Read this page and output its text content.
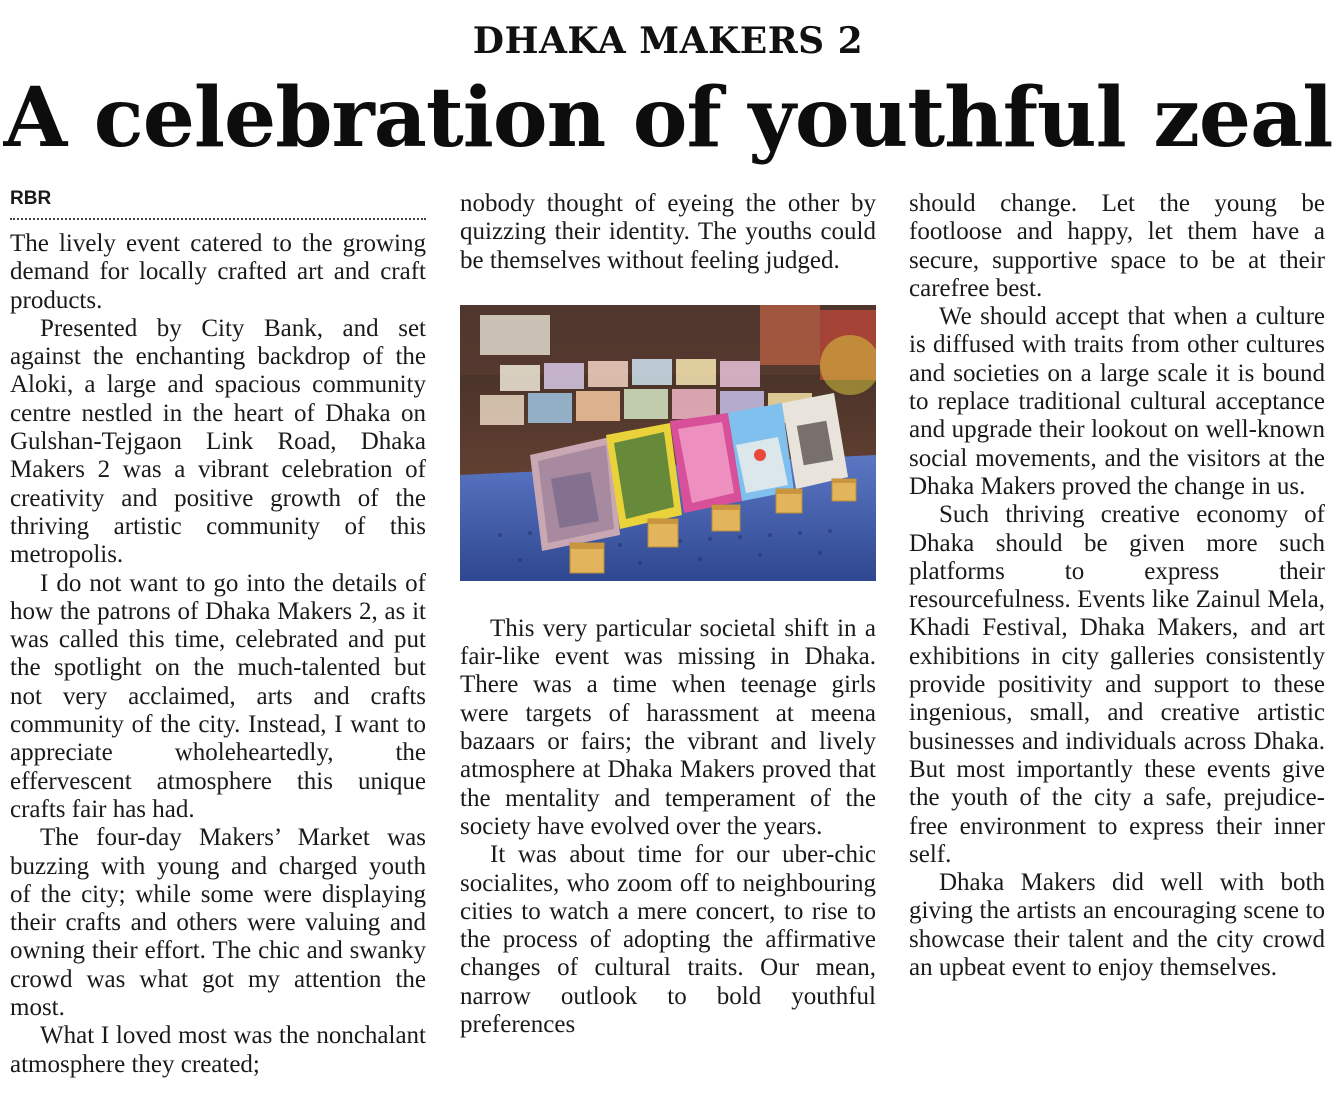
DHAKA MAKERS 2
A celebration of youthful zeal
RBR

The lively event catered to the growing demand for locally crafted art and craft products.

Presented by City Bank, and set against the enchanting backdrop of the Aloki, a large and spacious community centre nestled in the heart of Dhaka on Gulshan-Tejgaon Link Road, Dhaka Makers 2 was a vibrant celebration of creativity and positive growth of the thriving artistic community of this metropolis.

I do not want to go into the details of how the patrons of Dhaka Makers 2, as it was called this time, celebrated and put the spotlight on the much-talented but not very acclaimed, arts and crafts community of the city. Instead, I want to appreciate wholeheartedly, the effervescent atmosphere this unique crafts fair has had.

The four-day Makers’ Market was buzzing with young and charged youth of the city; while some were displaying their crafts and others were valuing and owning their effort. The chic and swanky crowd was what got my attention the most.

What I loved most was the nonchalant atmosphere they created;

nobody thought of eyeing the other by quizzing their identity. The youths could be themselves without feeling judged.

This very particular societal shift in a fair-like event was missing in Dhaka. There was a time when teenage girls were targets of harassment at meena bazaars or fairs; the vibrant and lively atmosphere at Dhaka Makers proved that the mentality and temperament of the society have evolved over the years.

It was about time for our uber-chic socialites, who zoom off to neighbouring cities to watch a mere concert, to rise to the process of adopting the affirmative changes of cultural traits. Our mean, narrow outlook to bold youthful preferences

should change. Let the young be footloose and happy, let them have a secure, supportive space to be at their carefree best.

We should accept that when a culture is diffused with traits from other cultures and societies on a large scale it is bound to replace traditional cultural acceptance and upgrade their lookout on well-known social movements, and the visitors at the Dhaka Makers proved the change in us.

Such thriving creative economy of Dhaka should be given more such platforms to express their resourcefulness. Events like Zainul Mela, Khadi Festival, Dhaka Makers, and art exhibitions in city galleries consistently provide positivity and support to these ingenious, small, and creative artistic businesses and individuals across Dhaka. But most importantly these events give the youth of the city a safe, prejudice-free environment to express their inner self.

Dhaka Makers did well with both giving the artists an encouraging scene to showcase their talent and the city crowd an upbeat event to enjoy themselves.
